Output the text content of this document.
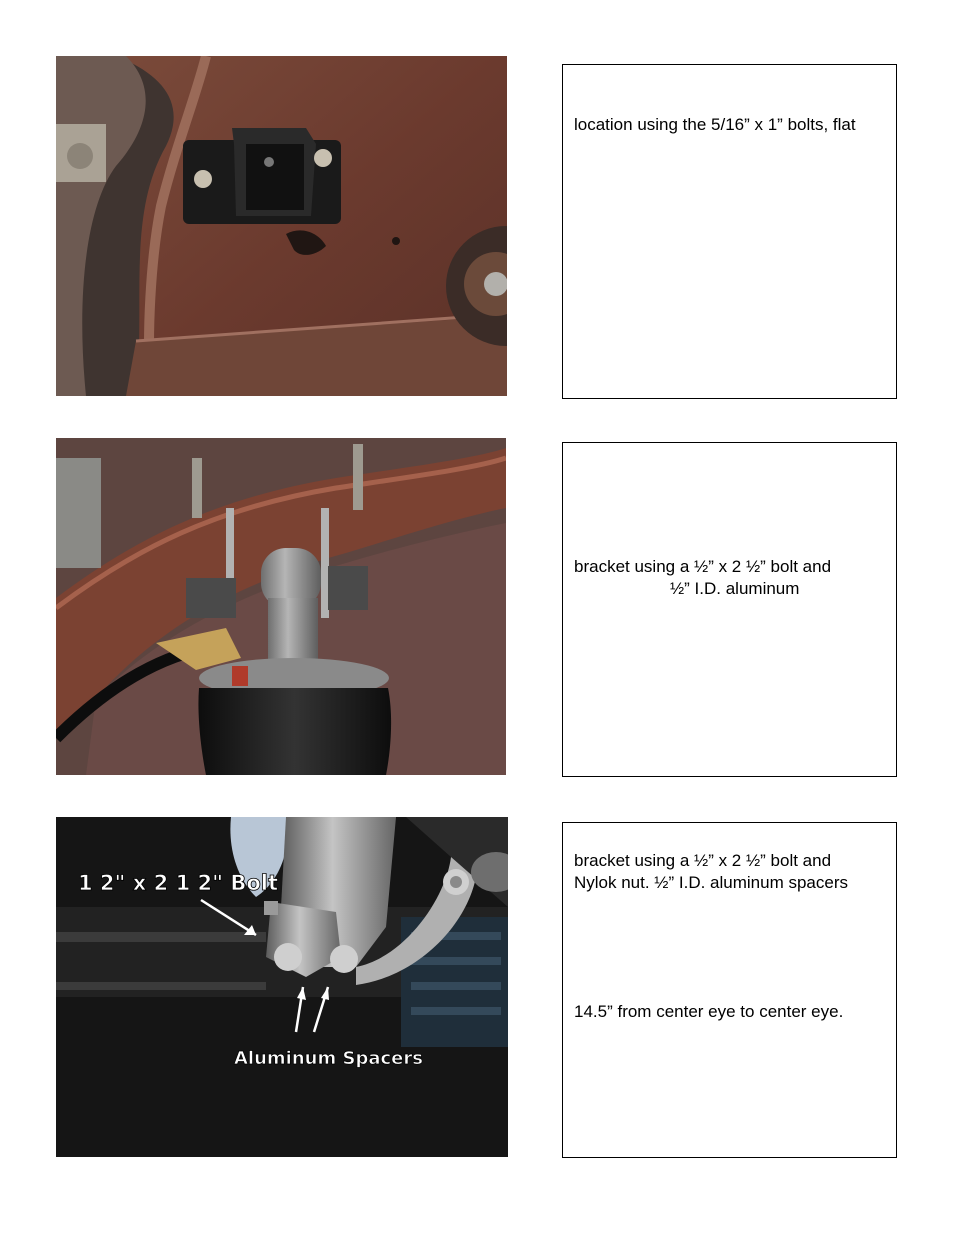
location using the 5/16” x 1” bolts, flat
bracket using a ½” x 2 ½” bolt and
½” I.D. aluminum
1 2" x 2 1 2" Bolt
Aluminum Spacers
bracket using a ½” x 2 ½” bolt and
Nylok nut. ½” I.D. aluminum spacers
14.5” from center eye to center eye.
